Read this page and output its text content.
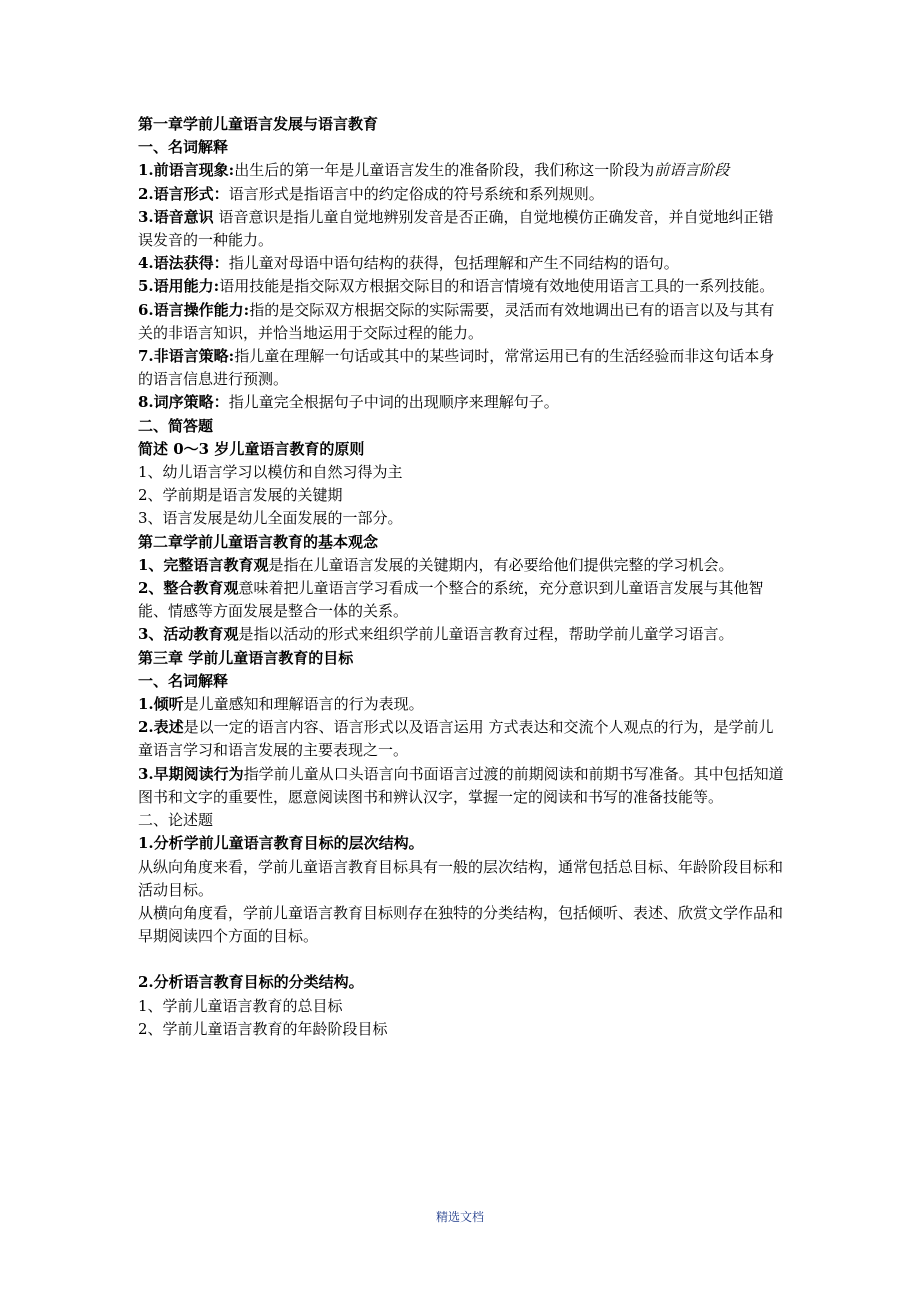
第一章学前儿童语言发展与语言教育
一、名词解释
1.前语言现象:出生后的第一年是儿童语言发生的准备阶段，我们称这一阶段为前语言阶段
2.语言形式：语言形式是指语言中的约定俗成的符号系统和系列规则。
3.语音意识 语音意识是指儿童自觉地辨别发音是否正确，自觉地模仿正确发音，并自觉地纠正错误发音的一种能力。
4.语法获得：指儿童对母语中语句结构的获得，包括理解和产生不同结构的语句。
5.语用能力:语用技能是指交际双方根据交际目的和语言情境有效地使用语言工具的一系列技能。
6.语言操作能力:指的是交际双方根据交际的实际需要，灵活而有效地调出已有的语言以及与其有关的非语言知识，并恰当地运用于交际过程的能力。
7.非语言策略:指儿童在理解一句话或其中的某些词时，常常运用已有的生活经验而非这句话本身的语言信息进行预测。
8.词序策略：指儿童完全根据句子中词的出现顺序来理解句子。
二、简答题
简述 0～3 岁儿童语言教育的原则
1、幼儿语言学习以模仿和自然习得为主
2、学前期是语言发展的关键期
3、语言发展是幼儿全面发展的一部分。
第二章学前儿童语言教育的基本观念
1、完整语言教育观是指在儿童语言发展的关键期内，有必要给他们提供完整的学习机会。
2、整合教育观意味着把儿童语言学习看成一个整合的系统，充分意识到儿童语言发展与其他智能、情感等方面发展是整合一体的关系。
3、活动教育观是指以活动的形式来组织学前儿童语言教育过程，帮助学前儿童学习语言。
第三章 学前儿童语言教育的目标
一、名词解释
1.倾听是儿童感知和理解语言的行为表现。
2.表述是以一定的语言内容、语言形式以及语言运用 方式表达和交流个人观点的行为，是学前儿童语言学习和语言发展的主要表现之一。
3.早期阅读行为指学前儿童从口头语言向书面语言过渡的前期阅读和前期书写准备。其中包括知道图书和文字的重要性，愿意阅读图书和辨认汉字，掌握一定的阅读和书写的准备技能等。
二、论述题
1.分析学前儿童语言教育目标的层次结构。
从纵向角度来看，学前儿童语言教育目标具有一般的层次结构，通常包括总目标、年龄阶段目标和活动目标。
从横向角度看，学前儿童语言教育目标则存在独特的分类结构，包括倾听、表述、欣赏文学作品和早期阅读四个方面的目标。
2.分析语言教育目标的分类结构。
1、学前儿童语言教育的总目标
2、学前儿童语言教育的年龄阶段目标
精选文档
